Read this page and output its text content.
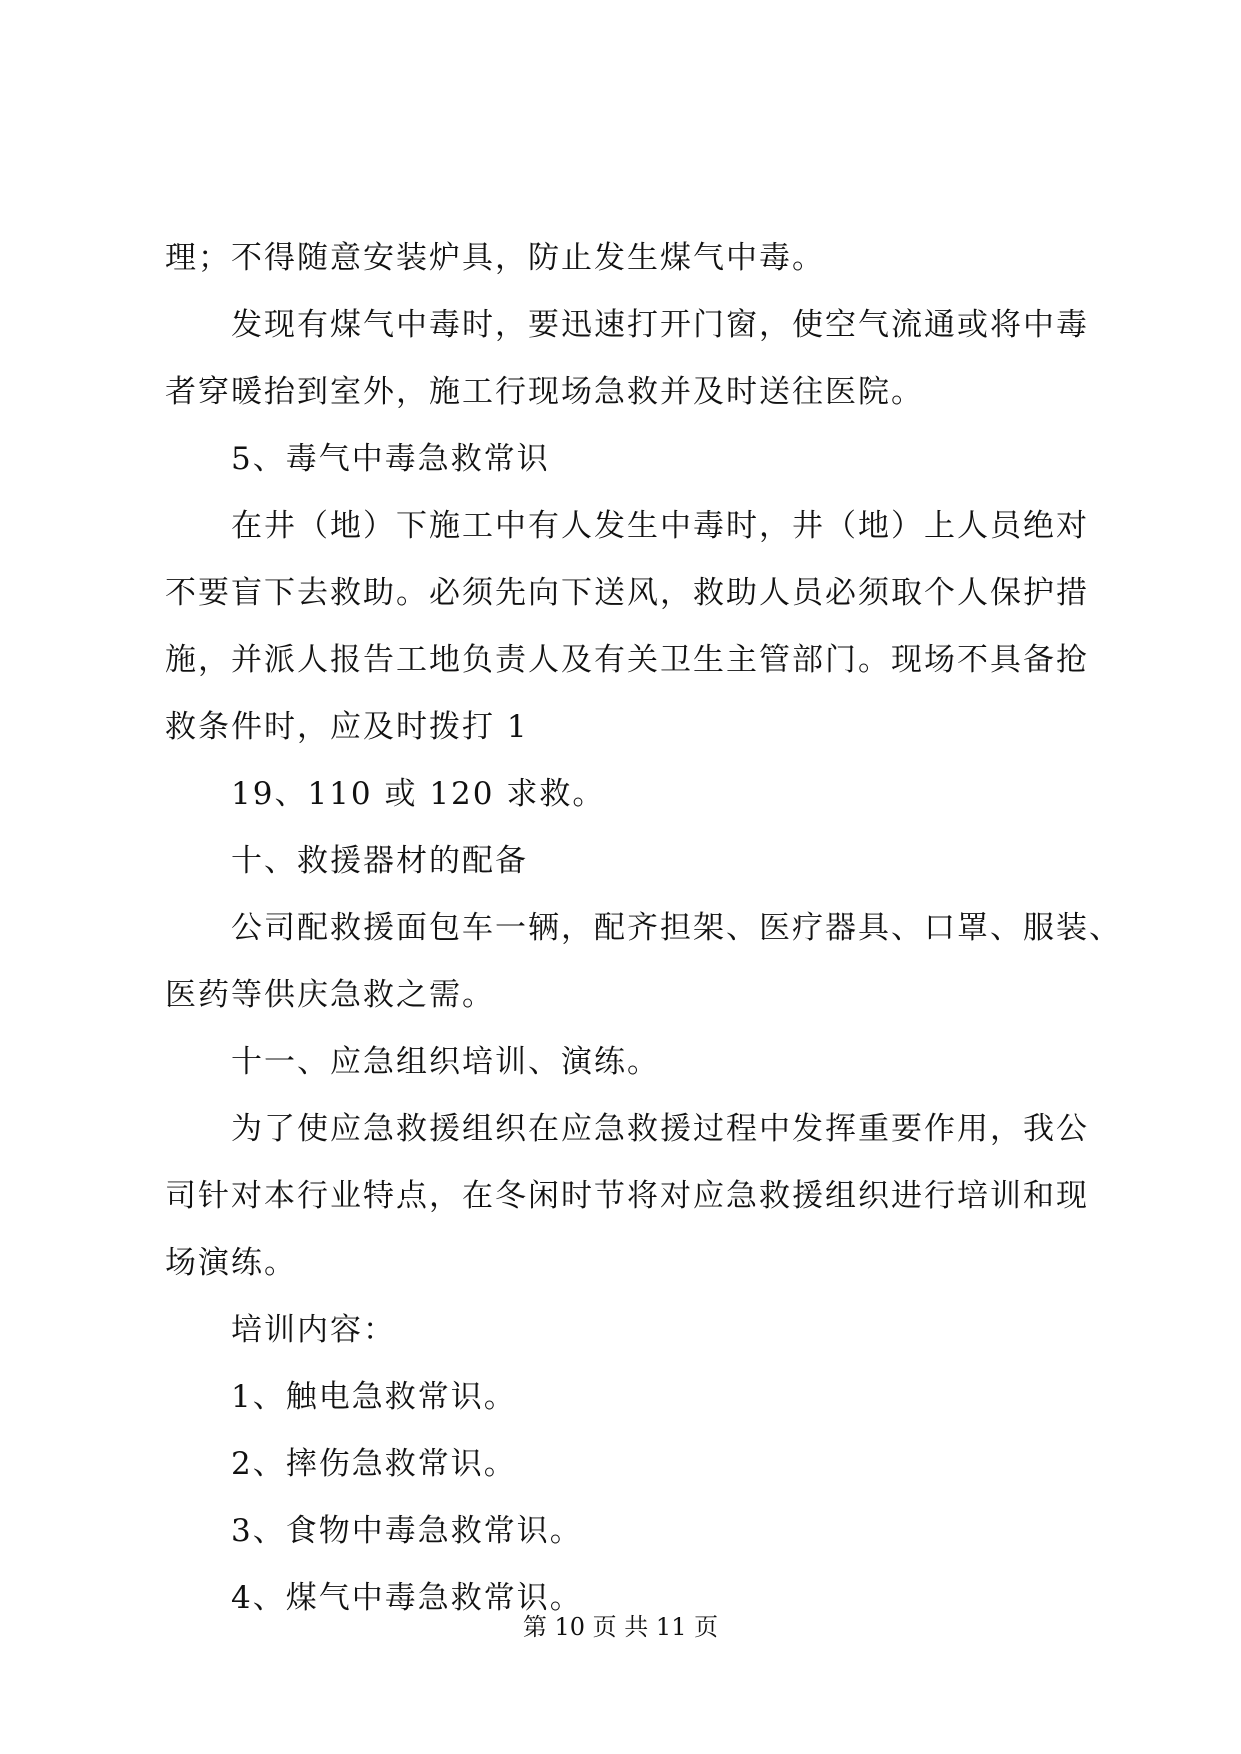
理；不得随意安装炉具，防止发生煤气中毒。
发现有煤气中毒时，要迅速打开门窗，使空气流通或将中毒
者穿暖抬到室外，施工行现场急救并及时送往医院。
5、毒气中毒急救常识
在井（地）下施工中有人发生中毒时，井（地）上人员绝对
不要盲下去救助。必须先向下送风，救助人员必须取个人保护措
施，并派人报告工地负责人及有关卫生主管部门。现场不具备抢
救条件时，应及时拨打 1
19、110 或 120 求救。
十、救援器材的配备
公司配救援面包车一辆，配齐担架、医疗器具、口罩、服装、
医药等供庆急救之需。
十一、应急组织培训、演练。
为了使应急救援组织在应急救援过程中发挥重要作用，我公
司针对本行业特点，在冬闲时节将对应急救援组织进行培训和现
场演练。
培训内容：
1、触电急救常识。
2、摔伤急救常识。
3、食物中毒急救常识。
4、煤气中毒急救常识。
第 10 页 共 11 页
